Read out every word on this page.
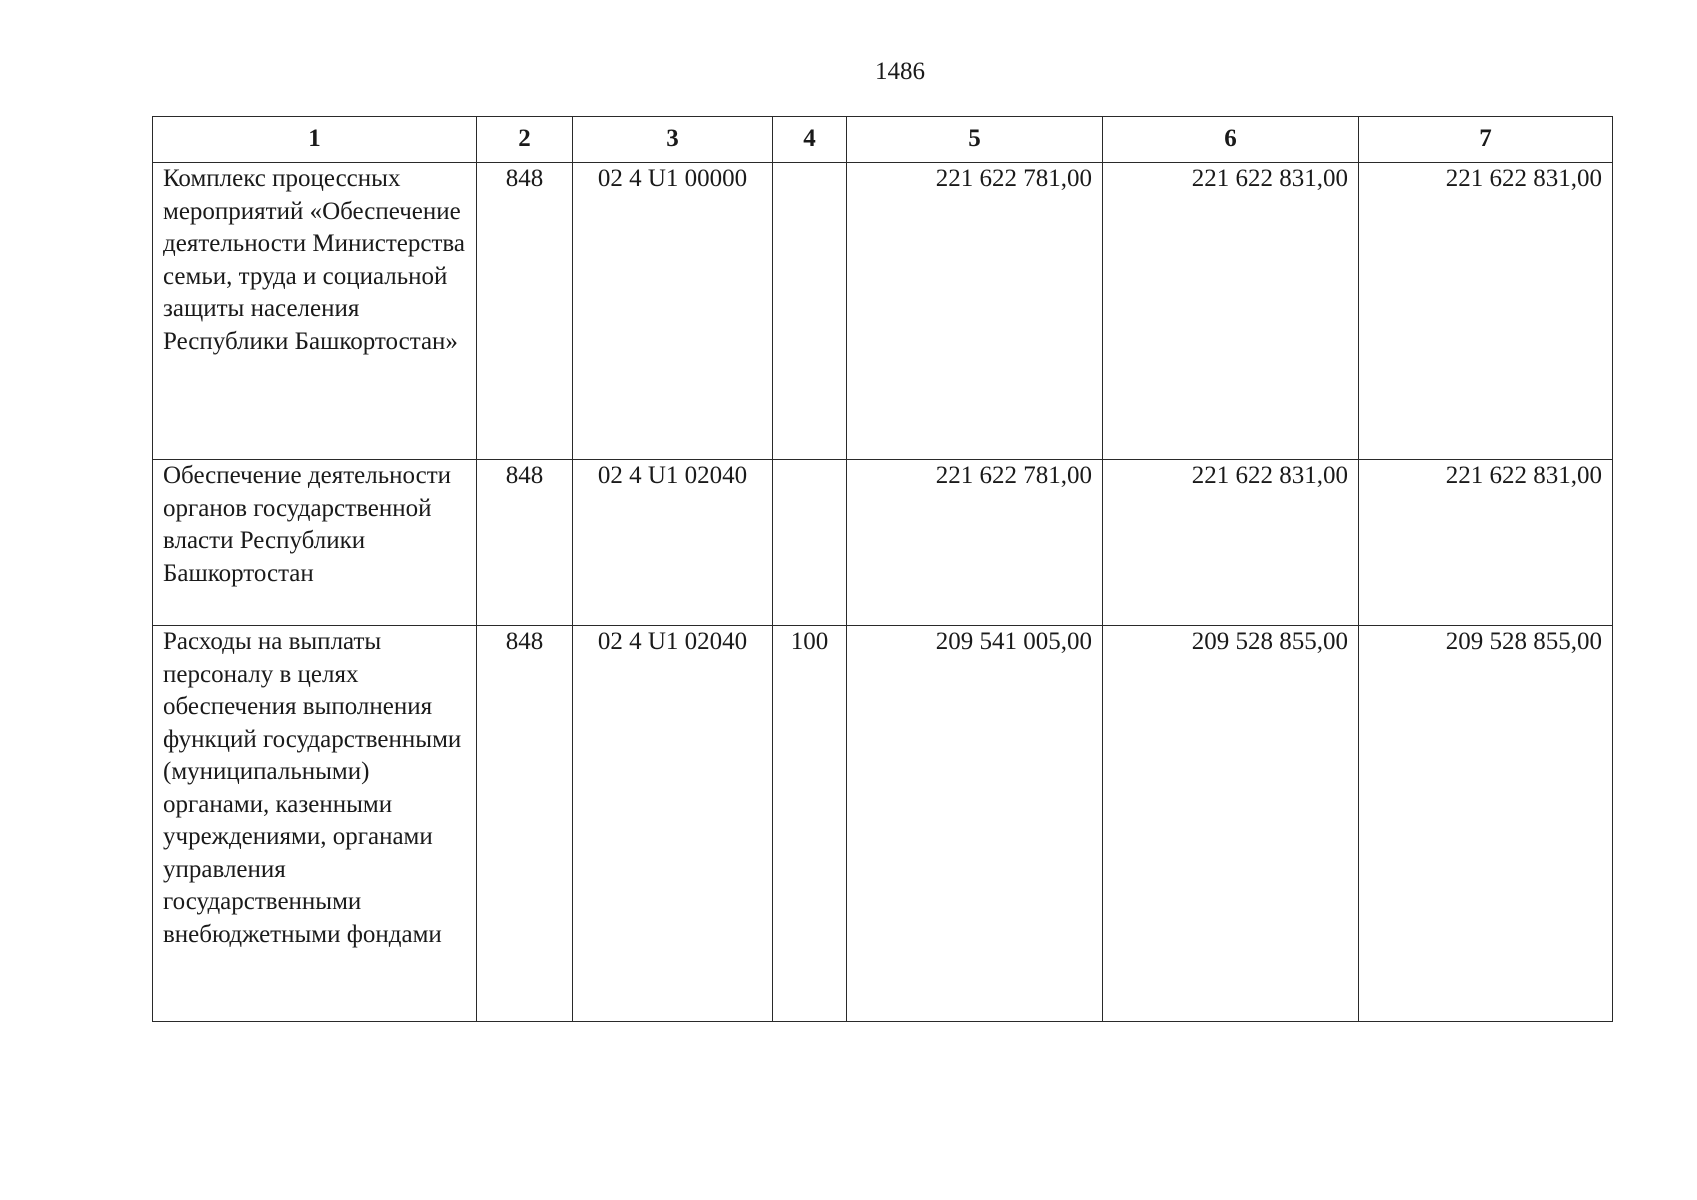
1486
1	2	3	4	5	6	7
Комплекс процессных мероприятий «Обеспечение деятельности Министерства семьи, труда и социальной защиты населения Республики Башкортостан»	848	02 4 U1 00000		221 622 781,00	221 622 831,00	221 622 831,00
Обеспечение деятельности органов государственной власти Республики Башкортостан	848	02 4 U1 02040		221 622 781,00	221 622 831,00	221 622 831,00
Расходы на выплаты персоналу в целях обеспечения выполнения функций государственными (муниципальными) органами, казенными учреждениями, органами управления государственными внебюджетными фондами	848	02 4 U1 02040	100	209 541 005,00	209 528 855,00	209 528 855,00
